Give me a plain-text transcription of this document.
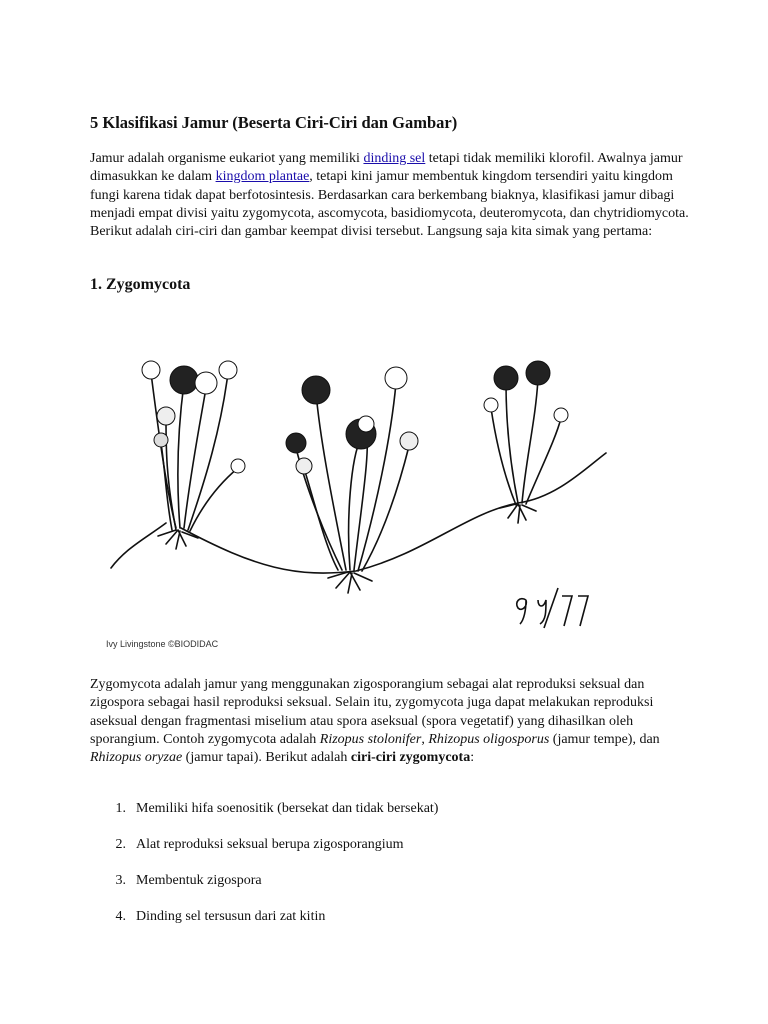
5 Klasifikasi Jamur (Beserta Ciri-Ciri dan Gambar)

Jamur adalah organisme eukariot yang memiliki dinding sel tetapi tidak memiliki klorofil. Awalnya jamur dimasukkan ke dalam kingdom plantae, tetapi kini jamur membentuk kingdom tersendiri yaitu kingdom fungi karena tidak dapat berfotosintesis. Berdasarkan cara berkembang biaknya, klasifikasi jamur dibagi menjadi empat divisi yaitu zygomycota, ascomycota, basidiomycota, deuteromycota, dan chytridiomycota. Berikut adalah ciri-ciri dan gambar keempat divisi tersebut. Langsung saja kita simak yang pertama:

1. Zygomycota
Ivy Livingstone ©BIODIDAC

Zygomycota adalah jamur yang menggunakan zigosporangium sebagai alat reproduksi seksual dan zigospora sebagai hasil reproduksi seksual. Selain itu, zygomycota juga dapat melakukan reproduksi aseksual dengan fragmentasi miselium atau spora aseksual (spora vegetatif) yang dihasilkan oleh sporangium. Contoh zygomycota adalah Rizopus stolonifer, Rhizopus oligosporus (jamur tempe), dan Rhizopus oryzae (jamur tapai). Berikut adalah ciri-ciri zygomycota:

1. Memiliki hifa soenositik (bersekat dan tidak bersekat)
2. Alat reproduksi seksual berupa zigosporangium
3. Membentuk zigospora
4. Dinding sel tersusun dari zat kitin
